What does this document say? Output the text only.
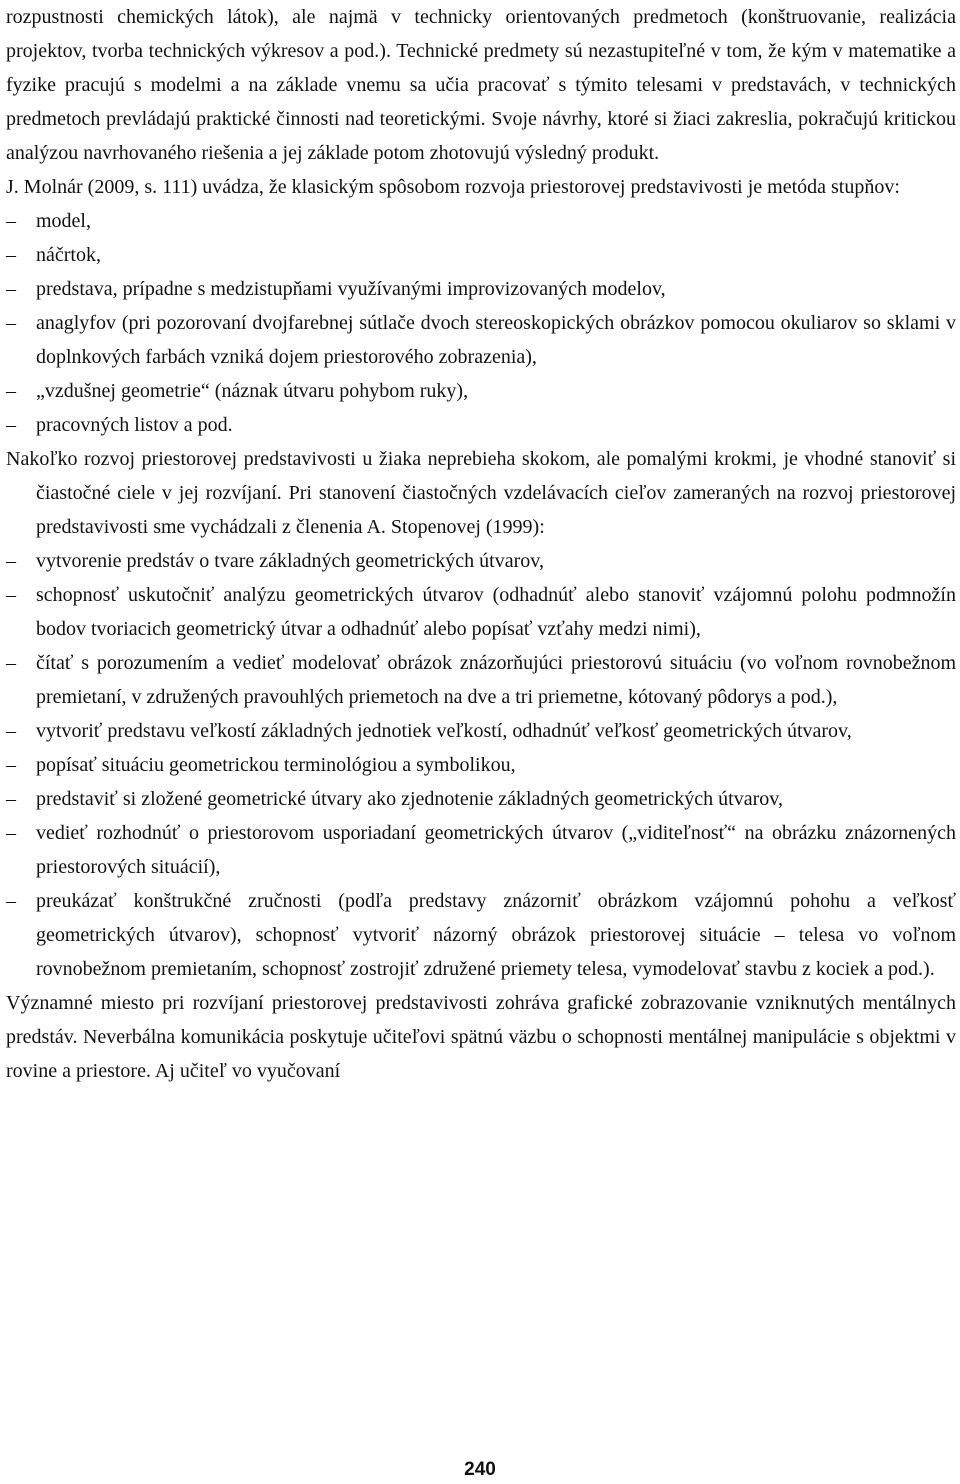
rozpustnosti chemických látok), ale najmä v technicky orientovaných predmetoch (konštruovanie, realizácia projektov, tvorba technických výkresov a pod.). Technické predmety sú nezastupiteľné v tom, že kým v matematike a fyzike pracujú s modelmi a na základe vnemu sa učia pracovať s týmito telesami v predstavách, v technických predmetoch prevládajú praktické činnosti nad teoretickými. Svoje návrhy, ktoré si žiaci zakreslia, pokračujú kritickou analýzou navrhovaného riešenia a jej základe potom zhotovujú výsledný produkt.

J. Molnár (2009, s. 111) uvádza, že klasickým spôsobom rozvoja priestorovej predstavivosti je metóda stupňov:

–	model,
–	náčrtok,
–	predstava, prípadne s medzistupňami využívanými improvizovaných modelov,
–	anaglyfov (pri pozorovaní dvojfarebnej sútlače dvoch stereoskopických obrázkov pomocou okuliarov so sklami v doplnkových farbách vzniká dojem priestorového zobrazenia),
–	„vzdušnej geometrie“ (náznak útvaru pohybom ruky),
–	pracovných listov a pod.

Nakoľko rozvoj priestorovej predstavivosti u žiaka neprebieha skokom, ale pomalými krokmi, je vhodné stanoviť si čiastočné ciele v jej rozvíjaní. Pri stanovení čiastočných vzdelávacích cieľov zameraných na rozvoj priestorovej predstavivosti sme vychádzali z členenia A. Stopenovej (1999):

–	vytvorenie predstáv o tvare základných geometrických útvarov,
–	schopnosť uskutočniť analýzu geometrických útvarov (odhadnúť alebo stanoviť vzájomnú polohu podmnožín bodov tvoriacich geometrický útvar a odhadnúť alebo popísať vzťahy medzi nimi),
–	čítať s porozumením a vedieť modelovať obrázok znázorňujúci priestorovú situáciu (vo voľnom rovnobežnom premietaní, v združených pravouhlých priemetoch na dve a tri priemetne, kótovaný pôdorys a pod.),
–	vytvoriť predstavu veľkostí základných jednotiek veľkostí, odhadnúť veľkosť geometrických útvarov,
–	popísať situáciu geometrickou terminológiou a symbolikou,
–	predstaviť si zložené geometrické útvary ako zjednotenie základných geometrických útvarov,
–	vedieť rozhodnúť o priestorovom usporiadaní geometrických útvarov („viditeľnosť“ na obrázku znázornených priestorových situácií),
–	preukázať konštrukčné zručnosti (podľa predstavy znázorniť obrázkom vzájomnú pohohu a veľkosť geometrických útvarov), schopnosť vytvoriť názorný obrázok priestorovej situácie – telesa vo voľnom rovnobežnom premietaním, schopnosť zostrojiť združené priemety telesa, vymodelovať stavbu z kociek a pod.).

Významné miesto pri rozvíjaní priestorovej predstavivosti zohráva grafické zobrazovanie vzniknutých mentálnych predstáv. Neverbálna komunikácia poskytuje učiteľovi spätnú väzbu o schopnosti mentálnej manipulácie s objektmi v rovine a priestore. Aj učiteľ vo vyučovaní

240
